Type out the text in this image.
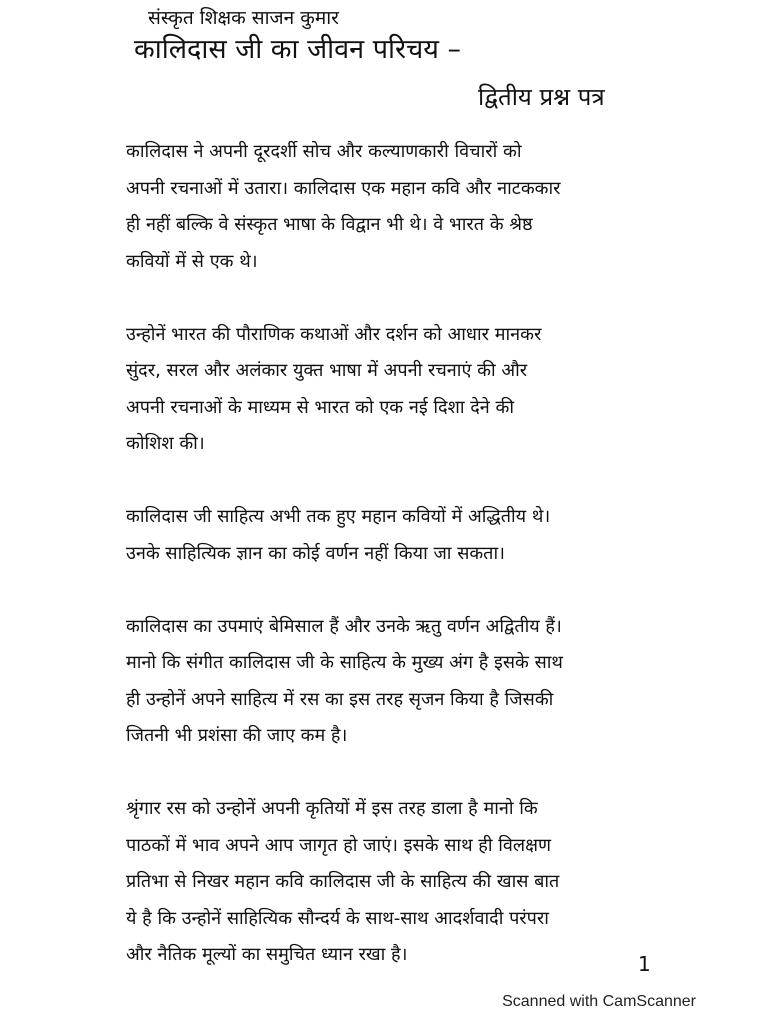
संस्कृत शिक्षक साजन कुमार
कालिदास जी का जीवन परिचय –
द्वितीय प्रश्न पत्र

कालिदास ने अपनी दूरदर्शी सोच और कल्याणकारी विचारों को
अपनी रचनाओं में उतारा। कालिदास एक महान कवि और नाटककार
ही नहीं बल्कि वे संस्कृत भाषा के विद्वान भी थे। वे भारत के श्रेष्ठ
कवियों में से एक थे।

उन्होनें भारत की पौराणिक कथाओं और दर्शन को आधार मानकर
सुंदर, सरल और अलंकार युक्त भाषा में अपनी रचनाएं की और
अपनी रचनाओं के माध्यम से भारत को एक नई दिशा देने की
कोशिश की।

कालिदास जी साहित्य अभी तक हुए महान कवियों में अद्धितीय थे।
उनके साहित्यिक ज्ञान का कोई वर्णन नहीं किया जा सकता।

कालिदास का उपमाएं बेमिसाल हैं और उनके ऋतु वर्णन अद्वितीय हैं।
मानो कि संगीत कालिदास जी के साहित्य के मुख्य अंग है इसके साथ
ही उन्होनें अपने साहित्य में रस का इस तरह सृजन किया है जिसकी
जितनी भी प्रशंसा की जाए कम है।

श्रृंगार रस को उन्होनें अपनी कृतियों में इस तरह डाला है मानो कि
पाठकों में भाव अपने आप जागृत हो जाएं। इसके साथ ही विलक्षण
प्रतिभा से निखर महान कवि कालिदास जी के साहित्य की खास बात
ये है कि उन्होनें साहित्यिक सौन्दर्य के साथ-साथ आदर्शवादी परंपरा
और नैतिक मूल्यों का समुचित ध्यान रखा है।	1
Scanned with CamScanner
